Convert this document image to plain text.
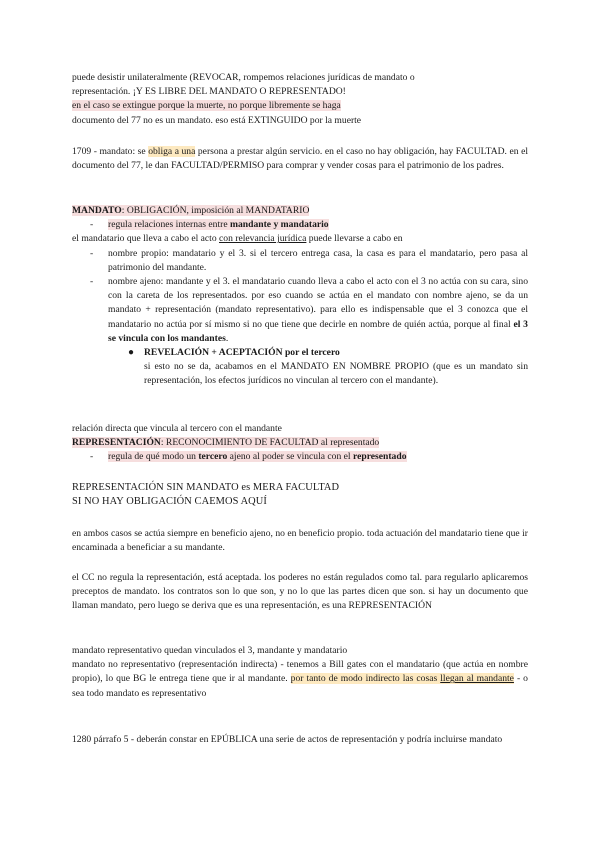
puede desistir unilateralmente (REVOCAR, rompemos relaciones jurídicas de mandato o
representación. ¡Y ES LIBRE DEL MANDATO O REPRESENTADO!
en el caso se extingue porque la muerte, no porque libremente se haga
documento del 77 no es un mandato. eso está EXTINGUIDO por la muerte
1709 - mandato: se obliga a una persona a prestar algún servicio. en el caso no hay obligación, hay FACULTAD. en el documento del 77, le dan FACULTAD/PERMISO para comprar y vender cosas para el patrimonio de los padres.
MANDATO: OBLIGACIÓN, imposición al MANDATARIO
- regula relaciones internas entre mandante y mandatario
el mandatario que lleva a cabo el acto con relevancia jurídica puede llevarse a cabo en
- nombre propio: mandatario y el 3. si el tercero entrega casa, la casa es para el mandatario, pero pasa al patrimonio del mandante.
- nombre ajeno: mandante y el 3. el mandatario cuando lleva a cabo el acto con el 3 no actúa con su cara, sino con la careta de los representados. por eso cuando se actúa en el mandato con nombre ajeno, se da un mandato + representación (mandato representativo). para ello es indispensable que el 3 conozca que el mandatario no actúa por sí mismo si no que tiene que decirle en nombre de quién actúa, porque al final el 3 se vincula con los mandantes.
● REVELACIÓN + ACEPTACIÓN por el tercero
si esto no se da, acabamos en el MANDATO EN NOMBRE PROPIO (que es un mandato sin representación, los efectos jurídicos no vinculan al tercero con el mandante).
relación directa que vincula al tercero con el mandante
REPRESENTACIÓN: RECONOCIMIENTO DE FACULTAD al representado
- regula de qué modo un tercero ajeno al poder se vincula con el representado
REPRESENTACIÓN SIN MANDATO es MERA FACULTAD
SI NO HAY OBLIGACIÓN CAEMOS AQUÍ
en ambos casos se actúa siempre en beneficio ajeno, no en beneficio propio. toda actuación del mandatario tiene que ir encaminada a beneficiar a su mandante.
el CC no regula la representación, está aceptada. los poderes no están regulados como tal. para regularlo aplicaremos preceptos de mandato. los contratos son lo que son, y no lo que las partes dicen que son. si hay un documento que llaman mandato, pero luego se deriva que es una representación, es una REPRESENTACIÓN
mandato representativo quedan vinculados el 3, mandante y mandatario
mandato no representativo (representación indirecta) - tenemos a Bill gates con el mandatario (que actúa en nombre propio), lo que BG le entrega tiene que ir al mandante. por tanto de modo indirecto las cosas llegan al mandante - o sea todo mandato es representativo
1280 párrafo 5 - deberán constar en EPÚBLICA una serie de actos de representación y podría incluirse mandato
